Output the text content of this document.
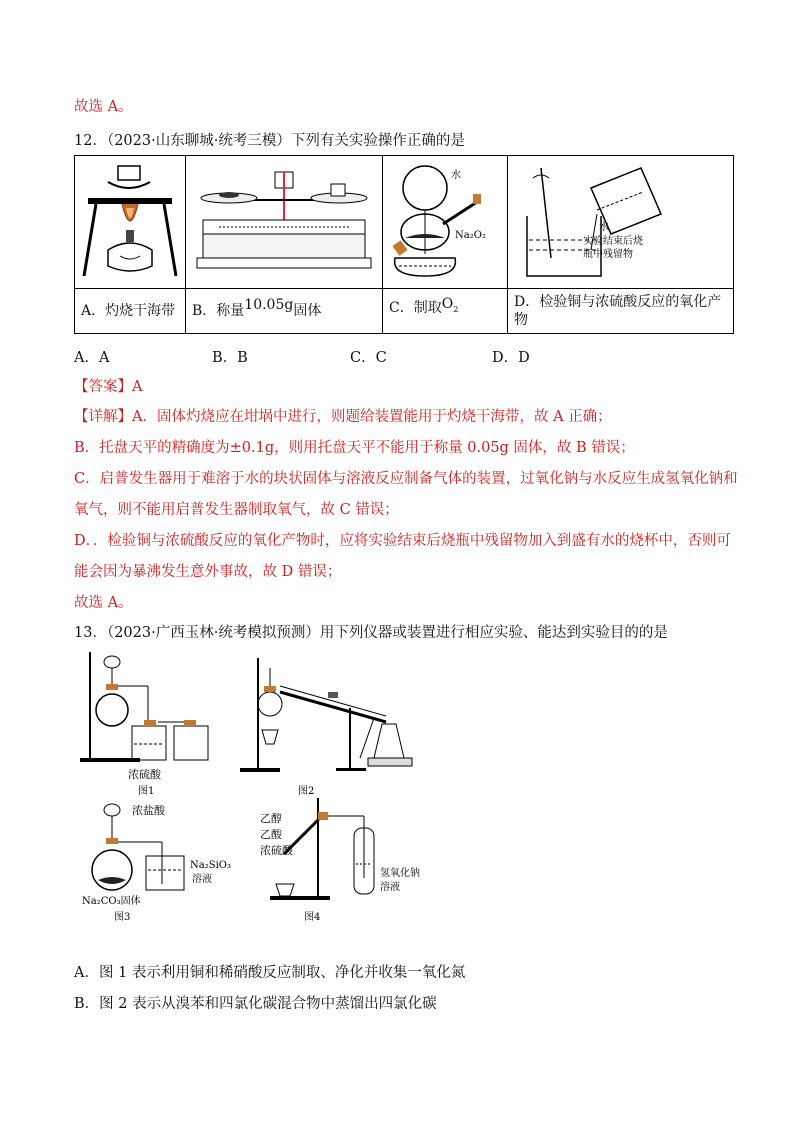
故选 A。
12．（2023·山东聊城·统考三模）下列有关实验操作正确的是

水
Na₂O₂	水
实验结束后烧
瓶中残留物

A．灼烧干海带	B．称量10.05g固体	C．制取$O_2$	D．检验铜与浓硫酸反应的氧化产物
A．A	B．B	C．C	D．D
【答案】A
【详解】A．固体灼烧应在坩埚中进行，则题给装置能用于灼烧干海带，故 A 正确；
B．托盘天平的精确度为±0.1g，则用托盘天平不能用于称量 0.05g 固体，故 B 错误；
C．启普发生器用于难溶于水的块状固体与溶液反应制备气体的装置，过氧化钠与水反应生成氢氧化钠和
氧气，则不能用启普发生器制取氧气，故 C 错误；
D．．检验铜与浓硫酸反应的氧化产物时，应将实验结束后烧瓶中残留物加入到盛有水的烧杯中，否则可
能会因为暴沸发生意外事故，故 D 错误；
故选 A。
13．（2023·广西玉林·统考模拟预测）用下列仪器或装置进行相应实验、能达到实验目的的是
浓硫酸
图1	图2
浓盐酸
Na₂CO₃固体
Na₂SiO₃
溶液
图3
乙醇
乙酸
浓硫酸
氢氧化钠
溶液
图4
A．图 1 表示利用铜和稀硝酸反应制取、净化并收集一氧化氮
B．图 2 表示从溴苯和四氯化碳混合物中蒸馏出四氯化碳
